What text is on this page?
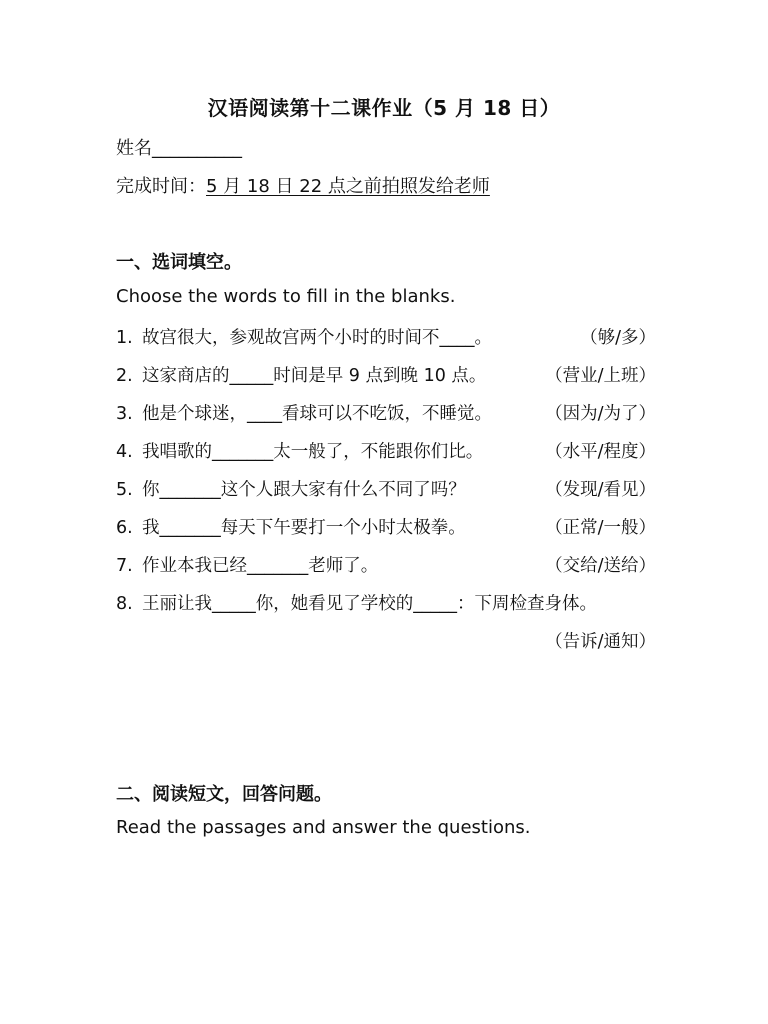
汉语阅读第十二课作业（5 月 18 日）
姓名__________
完成时间：5 月 18 日 22 点之前拍照发给老师
一、选词填空。
Choose the words to fill in the blanks.
1. 故宫很大，参观故宫两个小时的时间不____。	（够/多）
2. 这家商店的_____时间是早 9 点到晚 10 点。	（营业/上班）
3. 他是个球迷，____看球可以不吃饭，不睡觉。	（因为/为了）
4. 我唱歌的_______太一般了，不能跟你们比。	（水平/程度）
5. 你_______这个人跟大家有什么不同了吗？	（发现/看见）
6. 我_______每天下午要打一个小时太极拳。	（正常/一般）
7. 作业本我已经_______老师了。	（交给/送给）
8. 王丽让我_____你，她看见了学校的_____：下周检查身体。
（告诉/通知）
二、阅读短文，回答问题。
Read the passages and answer the questions.
